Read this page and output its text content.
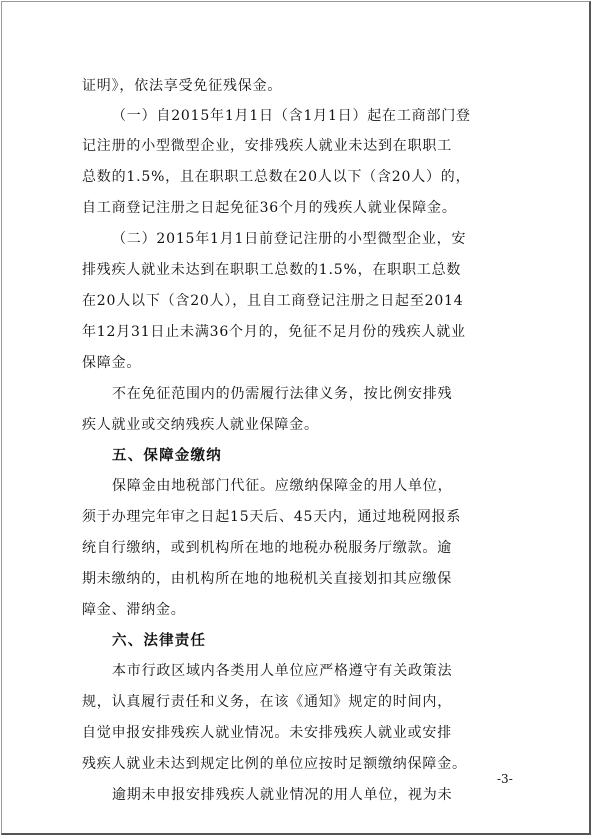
证明》，依法享受免征残保金。
（一）自2015年1月1日（含1月1日）起在工商部门登
记注册的小型微型企业，安排残疾人就业未达到在职职工
总数的1.5%，且在职职工总数在20人以下（含20人）的，
自工商登记注册之日起免征36个月的残疾人就业保障金。
（二）2015年1月1日前登记注册的小型微型企业，安
排残疾人就业未达到在职职工总数的1.5%，在职职工总数
在20人以下（含20人），且自工商登记注册之日起至2014
年12月31日止未满36个月的，免征不足月份的残疾人就业
保障金。
不在免征范围内的仍需履行法律义务，按比例安排残
疾人就业或交纳残疾人就业保障金。
五、保障金缴纳
保障金由地税部门代征。应缴纳保障金的用人单位，
须于办理完年审之日起15天后、45天内，通过地税网报系
统自行缴纳，或到机构所在地的地税办税服务厅缴款。逾
期未缴纳的，由机构所在地的地税机关直接划扣其应缴保
障金、滞纳金。
六、法律责任
本市行政区域内各类用人单位应严格遵守有关政策法
规，认真履行责任和义务，在该《通知》规定的时间内，
自觉申报安排残疾人就业情况。未安排残疾人就业或安排
残疾人就业未达到规定比例的单位应按时足额缴纳保障金。
逾期未申报安排残疾人就业情况的用人单位，视为未
-3-
